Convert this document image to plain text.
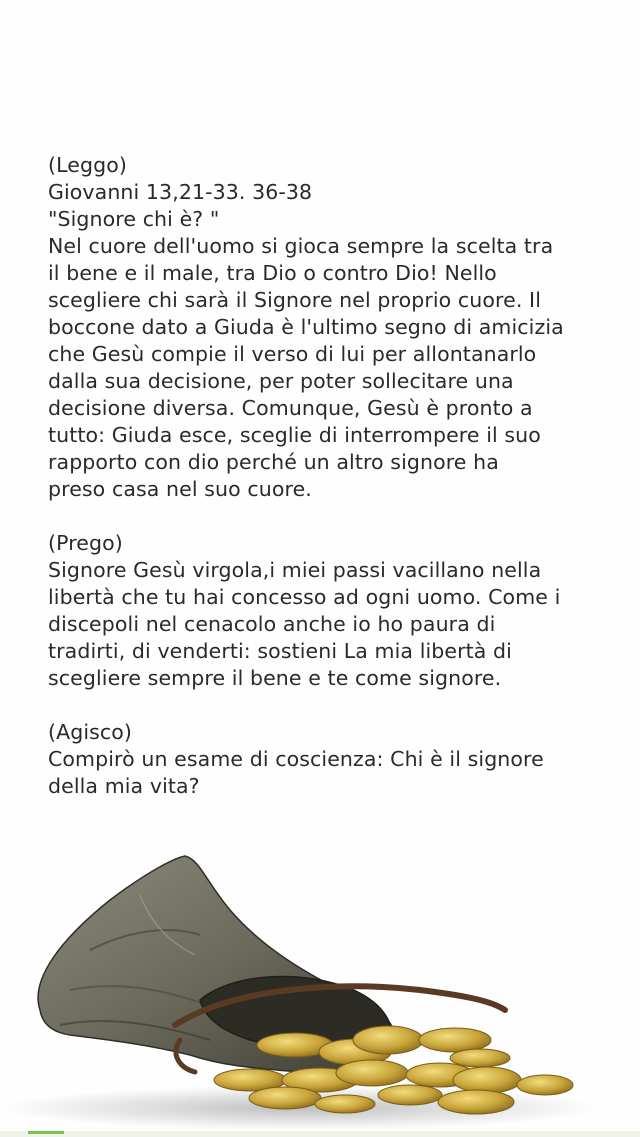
(Leggo)
Giovanni 13,21-33. 36-38
"Signore chi è? "
Nel cuore dell'uomo si gioca sempre la scelta tra
il bene e il male, tra Dio o contro Dio! Nello
scegliere chi sarà il Signore nel proprio cuore. Il
boccone dato a Giuda è l'ultimo segno di amicizia
che Gesù compie il verso di lui per allontanarlo
dalla sua decisione, per poter sollecitare una
decisione diversa. Comunque, Gesù è pronto a
tutto: Giuda esce, sceglie di interrompere il suo
rapporto con dio perché un altro signore ha
preso casa nel suo cuore.
(Prego)
Signore Gesù virgola,i miei passi vacillano nella
libertà che tu hai concesso ad ogni uomo. Come i
discepoli nel cenacolo anche io ho paura di
tradirti, di venderti: sostieni La mia libertà di
scegliere sempre il bene e te come signore.
(Agisco)
Compirò un esame di coscienza: Chi è il signore
della mia vita?
